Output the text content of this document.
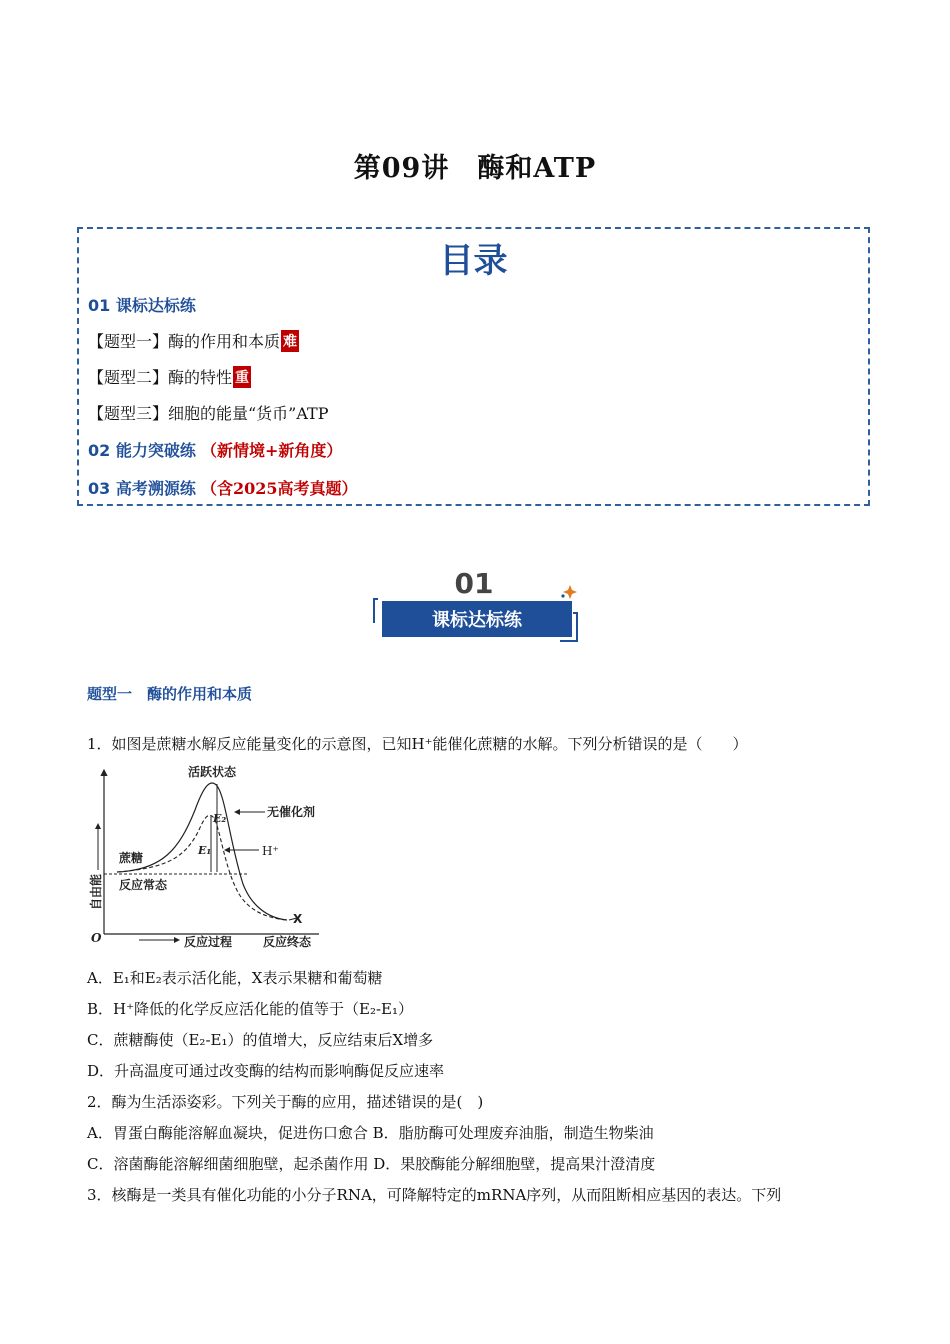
第09讲　酶和ATP
目录
01 课标达标练
【题型一】酶的作用和本质 难
【题型二】酶的特性 重
【题型三】细胞的能量“货币”ATP
02 能力突破练 （新情境+新角度）
03 高考溯源练 （含2025高考真题）
01
课标达标练
题型一　酶的作用和本质
1．如图是蔗糖水解反应能量变化的示意图，已知H⁺能催化蔗糖的水解。下列分析错误的是（　　）
活跃状态
无催化剂
H⁺
E₂
E₁
蔗糖
反应常态
自由能
O	反应过程	反应终态
X
A．E₁和E₂表示活化能，X表示果糖和葡萄糖
B．H⁺降低的化学反应活化能的值等于（E₂-E₁）
C．蔗糖酶使（E₂-E₁）的值增大，反应结束后X增多
D．升高温度可通过改变酶的结构而影响酶促反应速率
2．酶为生活添姿彩。下列关于酶的应用，描述错误的是(　)
A．胃蛋白酶能溶解血凝块，促进伤口愈合 B．脂肪酶可处理废弃油脂，制造生物柴油
C．溶菌酶能溶解细菌细胞壁，起杀菌作用 D．果胶酶能分解细胞壁，提高果汁澄清度
3．核酶是一类具有催化功能的小分子RNA，可降解特定的mRNA序列，从而阻断相应基因的表达。下列
